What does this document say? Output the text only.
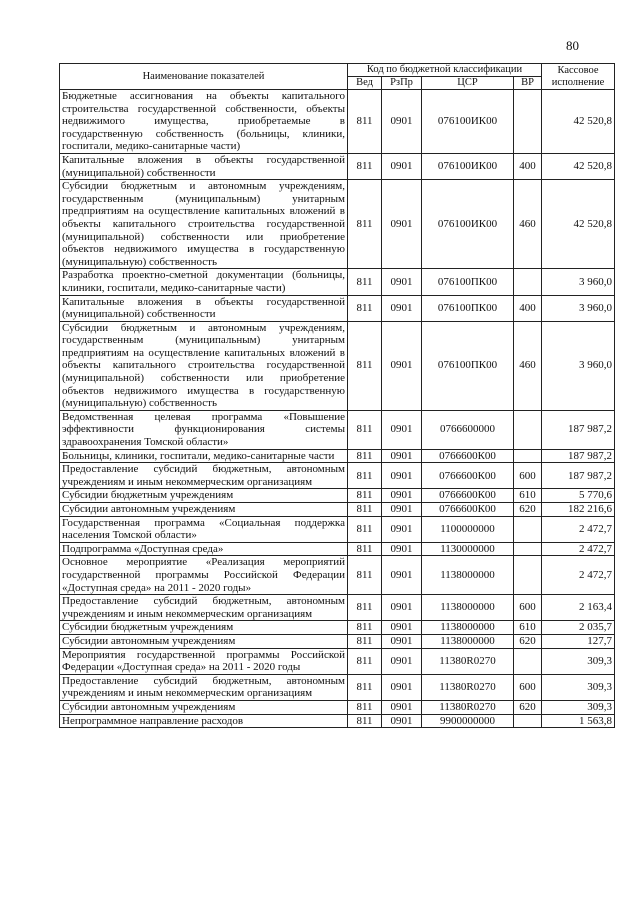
80
Наименование показателей	Код по бюджетной классификации				Кассовое исполнение
	Вед	РзПр	ЦСР	ВР	
Бюджетные ассигнования на объекты капитального строительства государственной собственности, объекты недвижимого имущества, приобретаемые в государственную собственность (больницы, клиники, госпитали, медико-санитарные части)	811	0901	076100ИК00		42 520,8
Капитальные вложения в объекты государственной (муниципальной) собственности	811	0901	076100ИК00	400	42 520,8
Субсидии бюджетным и автономным учреждениям, государственным (муниципальным) унитарным предприятиям на осуществление капитальных вложений в объекты капитального строительства государственной (муниципальной) собственности или приобретение объектов недвижимого имущества в государственную (муниципальную) собственность	811	0901	076100ИК00	460	42 520,8
Разработка проектно-сметной документации (больницы, клиники, госпитали, медико-санитарные части)	811	0901	076100ПК00		3 960,0
Капитальные вложения в объекты государственной (муниципальной) собственности	811	0901	076100ПК00	400	3 960,0
Субсидии бюджетным и автономным учреждениям, государственным (муниципальным) унитарным предприятиям на осуществление капитальных вложений в объекты капитального строительства государственной (муниципальной) собственности или приобретение объектов недвижимого имущества в государственную (муниципальную) собственность	811	0901	076100ПК00	460	3 960,0
Ведомственная целевая программа «Повышение эффективности функционирования системы здравоохранения Томской области»	811	0901	0766600000		187 987,2
Больницы, клиники, госпитали, медико-санитарные части	811	0901	0766600К00		187 987,2
Предоставление субсидий бюджетным, автономным учреждениям и иным некоммерческим организациям	811	0901	0766600К00	600	187 987,2
Субсидии бюджетным учреждениям	811	0901	0766600К00	610	5 770,6
Субсидии автономным учреждениям	811	0901	0766600К00	620	182 216,6
Государственная программа «Социальная поддержка населения Томской области»	811	0901	1100000000		2 472,7
Подпрограмма «Доступная среда»	811	0901	1130000000		2 472,7
Основное мероприятие «Реализация мероприятий государственной программы Российской Федерации «Доступная среда» на 2011 - 2020 годы»	811	0901	1138000000		2 472,7
Предоставление субсидий бюджетным, автономным учреждениям и иным некоммерческим организациям	811	0901	1138000000	600	2 163,4
Субсидии бюджетным учреждениям	811	0901	1138000000	610	2 035,7
Субсидии автономным учреждениям	811	0901	1138000000	620	127,7
Мероприятия государственной программы Российской Федерации «Доступная среда» на 2011 - 2020 годы	811	0901	11380R0270		309,3
Предоставление субсидий бюджетным, автономным учреждениям и иным некоммерческим организациям	811	0901	11380R0270	600	309,3
Субсидии автономным учреждениям	811	0901	11380R0270	620	309,3
Непрограммное направление расходов	811	0901	9900000000		1 563,8
